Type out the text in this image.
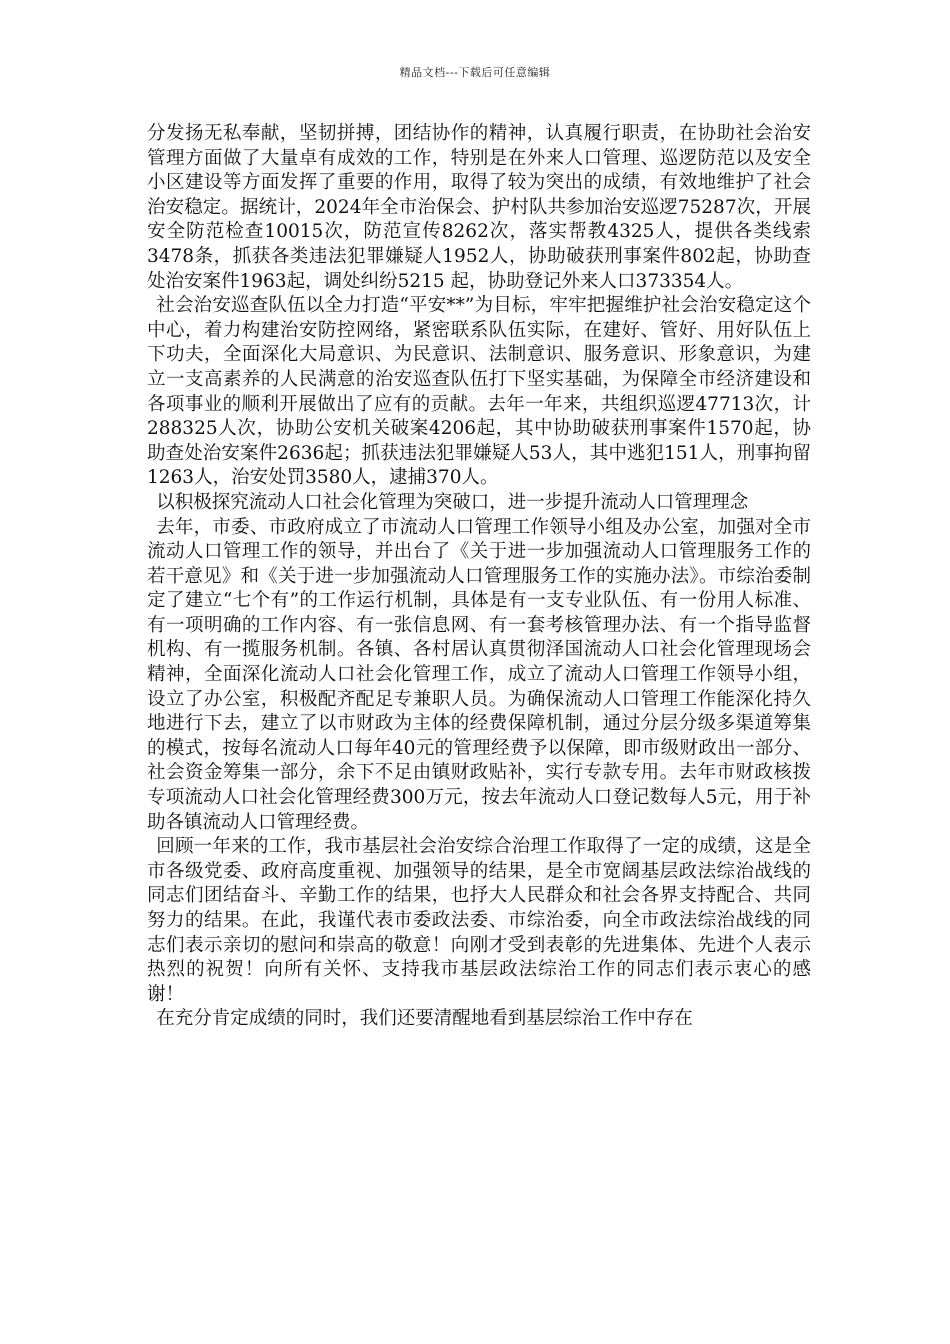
精品文档---下载后可任意编辑

分发扬无私奉献，坚韧拼搏，团结协作的精神，认真履行职责，在协助社会治安管理方面做了大量卓有成效的工作，特别是在外来人口管理、巡逻防范以及安全小区建设等方面发挥了重要的作用，取得了较为突出的成绩，有效地维护了社会治安稳定。据统计，2024年全市治保会、护村队共参加治安巡逻75287次，开展安全防范检查10015次，防范宣传8262次，落实帮教4325人，提供各类线索3478条，抓获各类违法犯罪嫌疑人1952人，协助破获刑事案件802起，协助查处治安案件1963起，调处纠纷5215 起，协助登记外来人口373354人。

社会治安巡查队伍以全力打造“平安**”为目标，牢牢把握维护社会治安稳定这个中心，着力构建治安防控网络，紧密联系队伍实际，在建好、管好、用好队伍上下功夫，全面深化大局意识、为民意识、法制意识、服务意识、形象意识，为建立一支高素养的人民满意的治安巡查队伍打下坚实基础，为保障全市经济建设和各项事业的顺利开展做出了应有的贡献。去年一年来，共组织巡逻47713次，计288325人次，协助公安机关破案4206起，其中协助破获刑事案件1570起，协助查处治安案件2636起；抓获违法犯罪嫌疑人53人，其中逃犯151人，刑事拘留1263人，治安处罚3580人，逮捕370人。

以积极探究流动人口社会化管理为突破口，进一步提升流动人口管理理念

去年，市委、市政府成立了市流动人口管理工作领导小组及办公室，加强对全市流动人口管理工作的领导，并出台了《关于进一步加强流动人口管理服务工作的若干意见》和《关于进一步加强流动人口管理服务工作的实施办法》。市综治委制定了建立“七个有”的工作运行机制，具体是有一支专业队伍、有一份用人标准、有一项明确的工作内容、有一张信息网、有一套考核管理办法、有一个指导监督机构、有一揽服务机制。各镇、各村居认真贯彻泽国流动人口社会化管理现场会精神，全面深化流动人口社会化管理工作，成立了流动人口管理工作领导小组，设立了办公室，积极配齐配足专兼职人员。为确保流动人口管理工作能深化持久地进行下去，建立了以市财政为主体的经费保障机制，通过分层分级多渠道筹集的模式，按每名流动人口每年40元的管理经费予以保障，即市级财政出一部分、社会资金筹集一部分，余下不足由镇财政贴补，实行专款专用。去年市财政核拨专项流动人口社会化管理经费300万元，按去年流动人口登记数每人5元，用于补助各镇流动人口管理经费。

回顾一年来的工作，我市基层社会治安综合治理工作取得了一定的成绩，这是全市各级党委、政府高度重视、加强领导的结果，是全市宽阔基层政法综治战线的同志们团结奋斗、辛勤工作的结果，也抒大人民群众和社会各界支持配合、共同努力的结果。在此，我谨代表市委政法委、市综治委，向全市政法综治战线的同志们表示亲切的慰问和崇高的敬意！向刚才受到表彰的先进集体、先进个人表示热烈的祝贺！向所有关怀、支持我市基层政法综治工作的同志们表示衷心的感谢！

在充分肯定成绩的同时，我们还要清醒地看到基层综治工作中存在
